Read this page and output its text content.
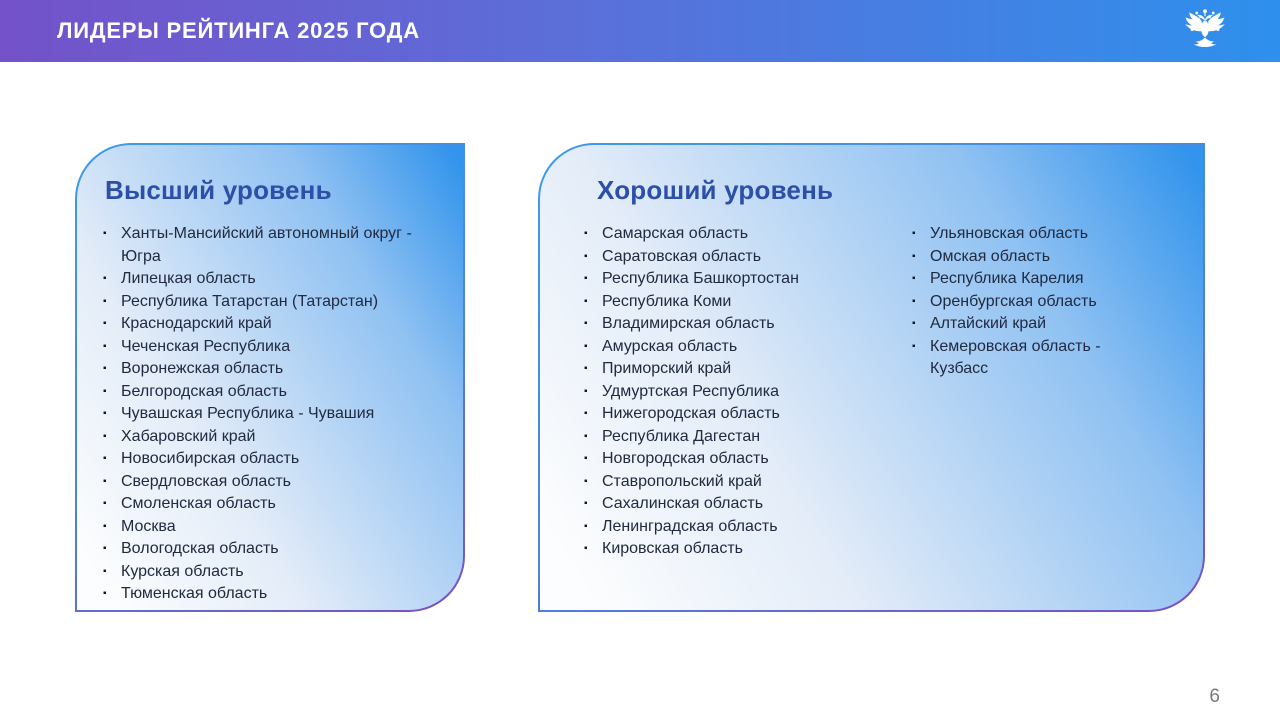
ЛИДЕРЫ РЕЙТИНГА 2025 ГОДА
Высший уровень
▪ Ханты-Мансийский автономный округ - Югра
▪ Липецкая область
▪ Республика Татарстан (Татарстан)
▪ Краснодарский край
▪ Чеченская Республика
▪ Воронежская область
▪ Белгородская область
▪ Чувашская Республика - Чувашия
▪ Хабаровский край
▪ Новосибирская область
▪ Свердловская область
▪ Смоленская область
▪ Москва
▪ Вологодская область
▪ Курская область
▪ Тюменская область
Хороший уровень
▪ Самарская область
▪ Саратовская область
▪ Республика Башкортостан
▪ Республика Коми
▪ Владимирская область
▪ Амурская область
▪ Приморский край
▪ Удмуртская Республика
▪ Нижегородская область
▪ Республика Дагестан
▪ Новгородская область
▪ Ставропольский край
▪ Сахалинская область
▪ Ленинградская область
▪ Кировская область
▪ Ульяновская область
▪ Омская область
▪ Республика Карелия
▪ Оренбургская область
▪ Алтайский край
▪ Кемеровская область - Кузбасс
6
